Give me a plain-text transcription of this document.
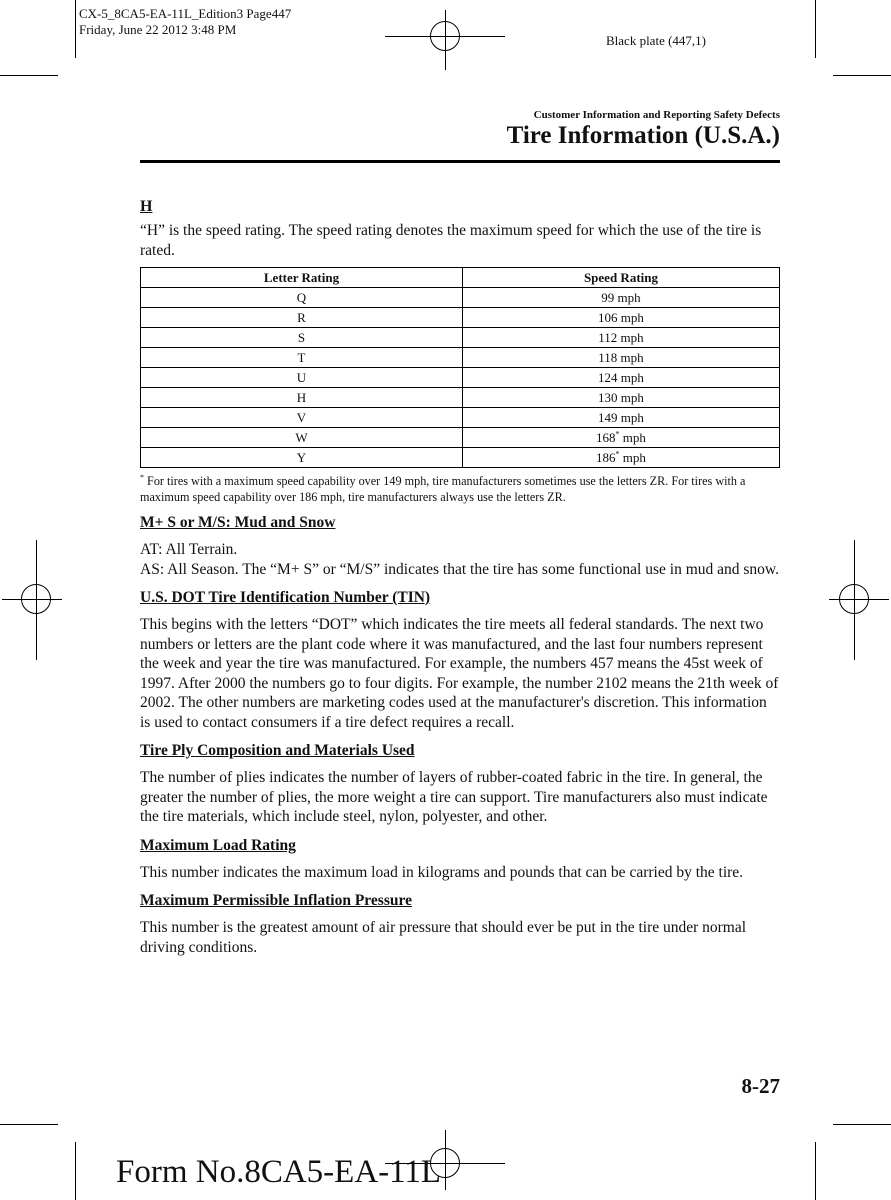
CX-5_8CA5-EA-11L_Edition3 Page447
Friday, June 22 2012 3:48 PM
Black plate (447,1)
Customer Information and Reporting Safety Defects
Tire Information (U.S.A.)

H

“H” is the speed rating. The speed rating denotes the maximum speed for which the use of the tire is rated.

Letter Rating	Speed Rating
Q	99 mph
R	106 mph
S	112 mph
T	118 mph
U	124 mph
H	130 mph
V	149 mph
W	168* mph
Y	186* mph

* For tires with a maximum speed capability over 149 mph, tire manufacturers sometimes use the letters ZR. For tires with a maximum speed capability over 186 mph, tire manufacturers always use the letters ZR.

M+ S or M/S: Mud and Snow

AT: All Terrain.

AS: All Season. The “M+ S” or “M/S” indicates that the tire has some functional use in mud and snow.

U.S. DOT Tire Identification Number (TIN)

This begins with the letters “DOT” which indicates the tire meets all federal standards. The next two numbers or letters are the plant code where it was manufactured, and the last four numbers represent the week and year the tire was manufactured. For example, the numbers 457 means the 45st week of 1997. After 2000 the numbers go to four digits. For example, the number 2102 means the 21th week of 2002. The other numbers are marketing codes used at the manufacturer's discretion. This information is used to contact consumers if a tire defect requires a recall.

Tire Ply Composition and Materials Used

The number of plies indicates the number of layers of rubber-coated fabric in the tire. In general, the greater the number of plies, the more weight a tire can support. Tire manufacturers also must indicate the tire materials, which include steel, nylon, polyester, and other.

Maximum Load Rating

This number indicates the maximum load in kilograms and pounds that can be carried by the tire.

Maximum Permissible Inflation Pressure

This number is the greatest amount of air pressure that should ever be put in the tire under normal driving conditions.

8-27
Form No.8CA5-EA-11L
